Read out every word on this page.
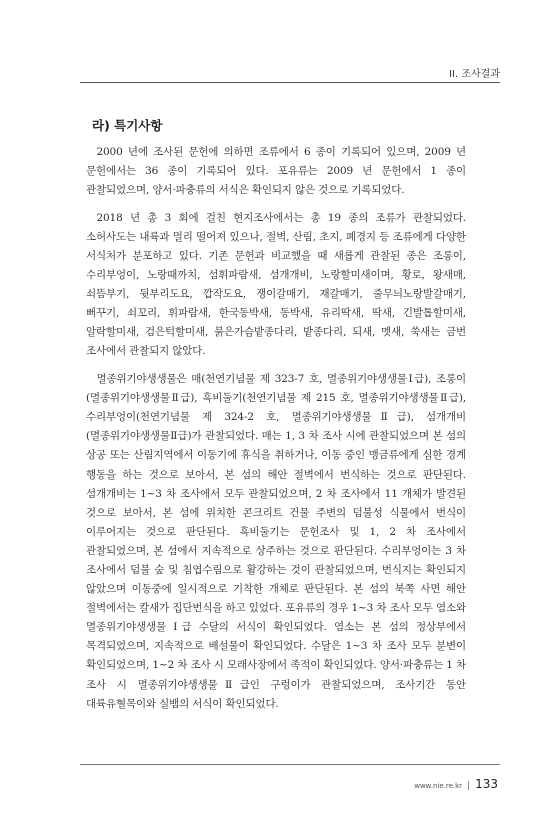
II. 조사결과
라) 특기사항

2000 년에 조사된 문헌에 의하면 조류에서 6 종이 기록되어 있으며, 2009 년 문헌에서는 36 종이 기록되어 있다. 포유류는 2009 년 문헌에서 1 종이 관찰되었으며, 양서·파충류의 서식은 확인되지 않은 것으로 기록되었다.

2018 년 총 3 회에 걸친 현지조사에서는 총 19 종의 조류가 관찰되었다. 소허사도는 내륙과 멀리 떨어져 있으나, 절벽, 산림, 초지, 폐경지 등 조류에게 다양한 서식처가 분포하고 있다. 기존 문헌과 비교했을 때 새롭게 관찰된 종은 조롱이, 수리부엉이, 노랑때까치, 섬휘파람새, 섬개개비, 노랑할미새이며, 황로, 왕새매, 쇠뜸부기, 뒷부리도요, 깝작도요, 쟁이갈매기, 재갈매기, 줄무늬노랑발갈매기, 뻐꾸기, 쇠꼬리, 휘파람새, 한국동박새, 동박새, 유리딱새, 딱새, 긴발톱할미새, 알락할미새, 검은턱할미새, 붉은가슴밭종다리, 밭종다리, 되새, 멧새, 쑥새는 금번 조사에서 관찰되지 않았다.

멸종위기야생생물은 매(천연기념물 제 323-7 호, 멸종위기야생생물Ⅰ급), 조롱이(멸종위기야생생물Ⅱ급), 흑비둘기(천연기념물 제 215 호, 멸종위기야생생물Ⅱ급), 수리부엉이(천연기념물 제 324-2 호, 멸종위기야생생물Ⅱ급), 섬개개비(멸종위기야생생물Ⅱ급)가 관찰되었다. 매는 1, 3 차 조사 시에 관찰되었으며 본 섬의 상공 또는 산림지역에서 이동기에 휴식을 취하거나, 이동 중인 맹금류에게 심한 경계 행동을 하는 것으로 보아서, 본 섬의 해안 절벽에서 번식하는 것으로 판단된다. 섬개개비는 1~3 차 조사에서 모두 관찰되었으며, 2 차 조사에서 11 개체가 발견된 것으로 보아서, 본 섬에 위치한 콘크리트 건물 주변의 덤불성 식물에서 번식이 이루어지는 것으로 판단된다. 흑비둘기는 문헌조사 및 1, 2 차 조사에서 관찰되었으며, 본 섬에서 지속적으로 상주하는 것으로 판단된다. 수리부엉이는 3 차 조사에서 덤불 숲 및 침엽수림으로 활강하는 것이 관찰되었으며, 번식지는 확인되지 않았으며 이동중에 일시적으로 기착한 개체로 판단된다. 본 섬의 북쪽 사면 해안 절벽에서는 칼새가 집단번식을 하고 있었다. 포유류의 경우 1~3 차 조사 모두 염소와 멸종위기야생생물 Ⅰ급 수달의 서식이 확인되었다. 염소는 본 섬의 정상부에서 목격되었으며, 지속적으로 배설물이 확인되었다. 수달은 1~3 차 조사 모두 분변이 확인되었으며, 1~2 차 조사 시 모래사장에서 족적이 확인되었다. 양서·파충류는 1 차 조사 시 멸종위기야생생물Ⅱ급인 구렁이가 관찰되었으며, 조사기간 동안 대륙유혈목이와 실뱀의 서식이 확인되었다.

www.nie.re.kr | 133
